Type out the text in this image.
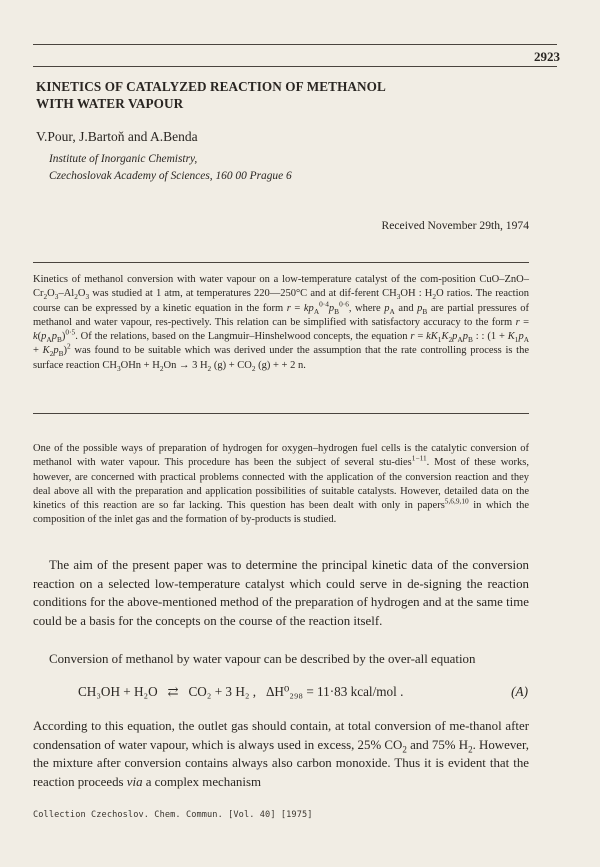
2923
KINETICS OF CATALYZED REACTION OF METHANOL
WITH WATER VAPOUR
V.Pour, J.Bartoň and A.Benda
Institute of Inorganic Chemistry,
Czechoslovak Academy of Sciences, 160 00 Prague 6
Received November 29th, 1974
Kinetics of methanol conversion with water vapour on a low-temperature catalyst of the com-position CuO–$ZnO-Cr_2O_3-Al_2O_3$ was studied at 1 atm, at temperatures 220—250°C and at dif-ferent $CH_3OH$ : $H_2O$ ratios. The reaction course can be expressed by a kinetic equation in the form $r = kp_A^{0\cdot 4}p_B^{0\cdot 6}$, where $p_A$ and $p_B$ are partial pressures of methanol and water vapour, res-pectively. This relation can be simplified with satisfactory accuracy to the form $r = k(p_Ap_B)^{0\cdot 5}$. Of the relations, based on the Langmuir–Hinshelwood concepts, the equation $r = kK_1K_2p_Ap_B$ : : $(1 + K_1p_A + K_2p_B)^2$ was found to be suitable which was derived under the assumption that the rate controlling process is the surface reaction $CH_3OHn + H_2On \to 3$ $H_2$ $(g) + CO_2$ (g) + + 2 n.
One of the possible ways of preparation of hydrogen for oxygen–hydrogen fuel cells is the catalytic conversion of methanol with water vapour. This procedure has been the subject of several stu-dies$^{1-11}$. Most of these works, however, are concerned with practical problems connected with the application of the conversion reaction and they deal above all with the preparation and application possibilities of suitable catalysts. However, detailed data on the kinetics of this reaction are so far lacking. This question has been dealt with only in papers$^{5,6,9,10}$ in which the composition of the inlet gas and the formation of by-products is studied.
The aim of the present paper was to determine the principal kinetic data of the conversion reaction on a selected low-temperature catalyst which could serve in de-signing the reaction conditions for the above-mentioned method of the preparation of hydrogen and at the same time could be a basis for the concepts on the course of the reaction itself.
Conversion of methanol by water vapour can be described by the over-all equation
CH₃OH + H₂O ⇄ CO₂ + 3 H₂ , ΔH⁰₂₉₈ = 11·83 kcal/mol .	(A)
According to this equation, the outlet gas should contain, at total conversion of me-thanol after condensation of water vapour, which is always used in excess, 25% $CO_2$ and 75% $H_2$. However, the mixture after conversion contains always also carbon monoxide. Thus it is evident that the reaction proceeds via a complex mechanism
Collection Czechoslov. Chem. Commun. [Vol. 40] [1975]
